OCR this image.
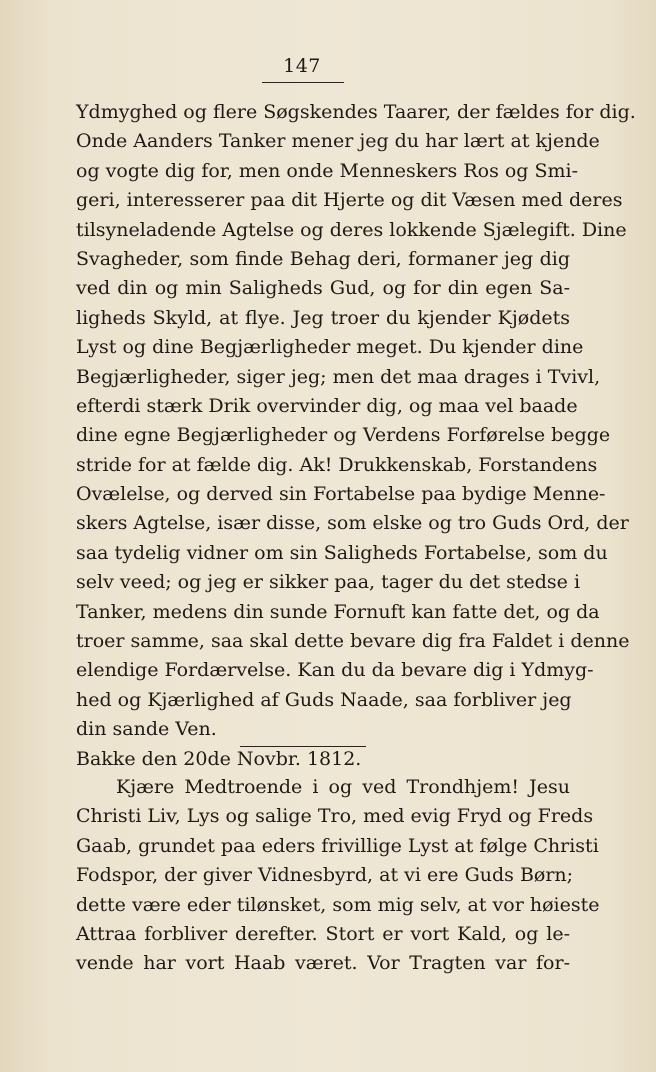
147
Ydmyghed og flere Søgskendes Taarer, der fældes for dig.
Onde Aanders Tanker mener jeg du har lært at kjende
og vogte dig for, men onde Menneskers Ros og Smi-
geri, interesserer paa dit Hjerte og dit Væsen med deres
tilsyneladende Agtelse og deres lokkende Sjælegift. Dine
Svagheder, som finde Behag deri, formaner jeg dig
ved din og min Saligheds Gud, og for din egen Sa-
ligheds Skyld, at flye. Jeg troer du kjender Kjødets
Lyst og dine Begjærligheder meget. Du kjender dine
Begjærligheder, siger jeg; men det maa drages i Tvivl,
efterdi stærk Drik overvinder dig, og maa vel baade
dine egne Begjærligheder og Verdens Forførelse begge
stride for at fælde dig. Ak! Drukkenskab, Forstandens
Ovælelse, og derved sin Fortabelse paa bydige Menne-
skers Agtelse, især disse, som elske og tro Guds Ord, der
saa tydelig vidner om sin Saligheds Fortabelse, som du
selv veed; og jeg er sikker paa, tager du det stedse i
Tanker, medens din sunde Fornuft kan fatte det, og da
troer samme, saa skal dette bevare dig fra Faldet i denne
elendige Fordærvelse. Kan du da bevare dig i Ydmyg-
hed og Kjærlighed af Guds Naade, saa forbliver jeg
din sande Ven.
Bakke den 20de Novbr. 1812.
Kjære Medtroende i og ved Trondhjem! Jesu
Christi Liv, Lys og salige Tro, med evig Fryd og Freds
Gaab, grundet paa eders frivillige Lyst at følge Christi
Fodspor, der giver Vidnesbyrd, at vi ere Guds Børn;
dette være eder tilønsket, som mig selv, at vor høieste
Attraa forbliver derefter. Stort er vort Kald, og le-
vende har vort Haab været. Vor Tragten var for-
